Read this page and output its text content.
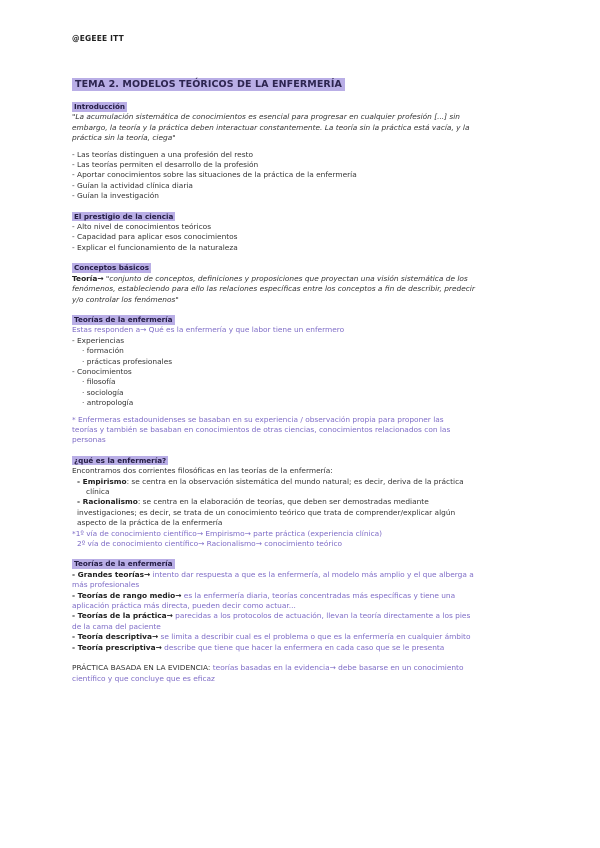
@EGEEE ITT
TEMA 2. MODELOS TEÓRICOS DE LA ENFERMERÍA
Introducción

"La acumulación sistemática de conocimientos es esencial para progresar en cualquier profesión [...] sin

embargo, la teoría y la práctica deben interactuar constantemente. La teoría sin la práctica está vacía, y la

práctica sin la teoría, ciega"

- Las teorías distinguen a una profesión del resto

- Las teorías permiten el desarrollo de la profesión

- Aportar conocimientos sobre las situaciones de la práctica de la enfermería

- Guían la actividad clínica diaria

- Guían la investigación

El prestigio de la ciencia

- Alto nivel de conocimientos teóricos

- Capacidad para aplicar esos conocimientos

- Explicar el funcionamiento de la naturaleza

Conceptos básicos

Teoría→ "conjunto de conceptos, definiciones y proposiciones que proyectan una visión sistemática de los

fenómenos, estableciendo para ello las relaciones específicas entre los conceptos a fin de describir, predecir

y/o controlar los fenómenos"

Teorías de la enfermería

Estas responden a→ Qué es la enfermería y que labor tiene un enfermero

- Experiencias

· formación

· prácticas profesionales

- Conocimientos

· filosofía

· sociología

· antropología

* Enfermeras estadounidenses se basaban en su experiencia / observación propia para proponer las

teorías y también se basaban en conocimientos de otras ciencias, conocimientos relacionados con las

personas

¿qué es la enfermería?

Encontramos dos corrientes filosóficas en las teorías de la enfermería:

- Empirismo: se centra en la observación sistemática del mundo natural; es decir, deriva de la práctica

clínica

- Racionalismo: se centra en la elaboración de teorías, que deben ser demostradas mediante

investigaciones; es decir, se trata de un conocimiento teórico que trata de comprender/explicar algún

aspecto de la práctica de la enfermería

*1º vía de conocimiento científico→ Empirismo→ parte práctica (experiencia clínica)

2º vía de conocimiento científico→ Racionalismo→ conocimiento teórico

Teorías de la enfermería

- Grandes teorías→ intento dar respuesta a que es la enfermería, al modelo más amplio y el que alberga a

más profesionales

- Teorías de rango medio→ es la enfermería diaria, teorías concentradas más específicas y tiene una

aplicación práctica más directa, pueden decir como actuar...

- Teorías de la práctica→ parecidas a los protocolos de actuación, llevan la teoría directamente a los pies

de la cama del paciente

- Teoría descriptiva→ se limita a describir cual es el problema o que es la enfermería en cualquier ámbito

- Teoría prescriptiva→ describe que tiene que hacer la enfermera en cada caso que se le presenta

PRÁCTICA BASADA EN LA EVIDENCIA: teorías basadas en la evidencia→ debe basarse en un conocimiento

científico y que concluye que es eficaz
